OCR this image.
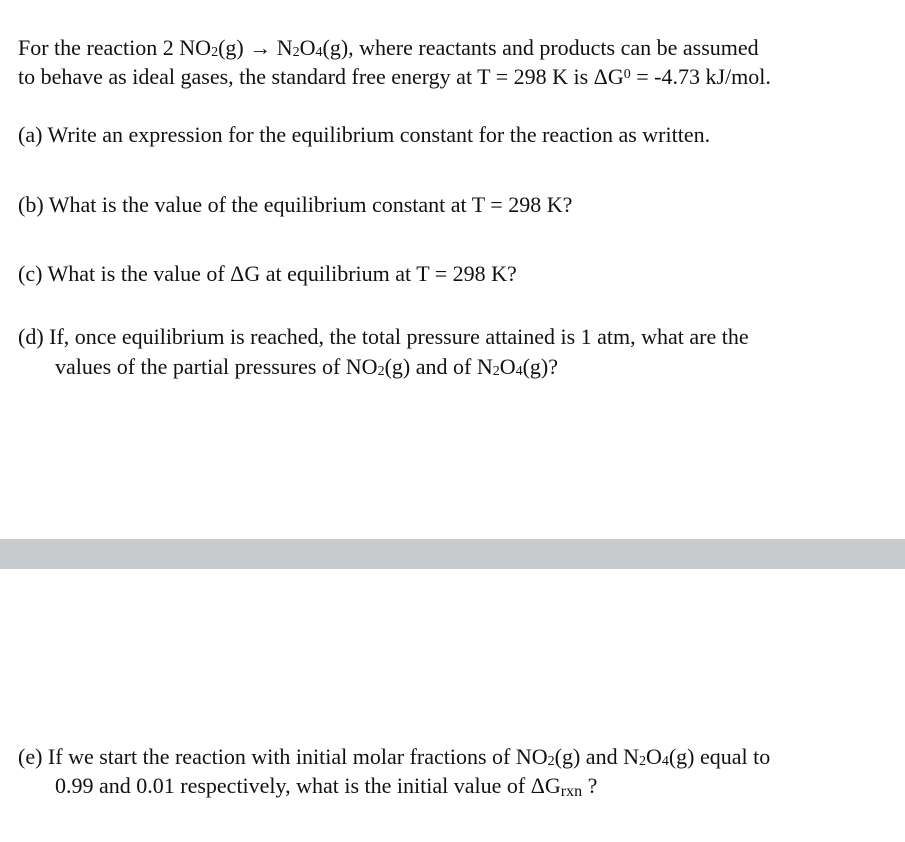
For the reaction 2 NO2(g) → N2O4(g), where reactants and products can be assumed
to behave as ideal gases, the standard free energy at T = 298 K is $\Delta G^0 = -4.73$ kJ/mol.
(a) Write an expression for the equilibrium constant for the reaction as written.
(b) What is the value of the equilibrium constant at T = 298 K?
(c) What is the value of ΔG at equilibrium at T = 298 K?
(d) If, once equilibrium is reached, the total pressure attained is 1 atm, what are the
values of the partial pressures of NO2(g) and of N2O4(g)?
(e) If we start the reaction with initial molar fractions of NO2(g) and N2O4(g) equal to
0.99 and 0.01 respectively, what is the initial value of ΔGrxn ?
